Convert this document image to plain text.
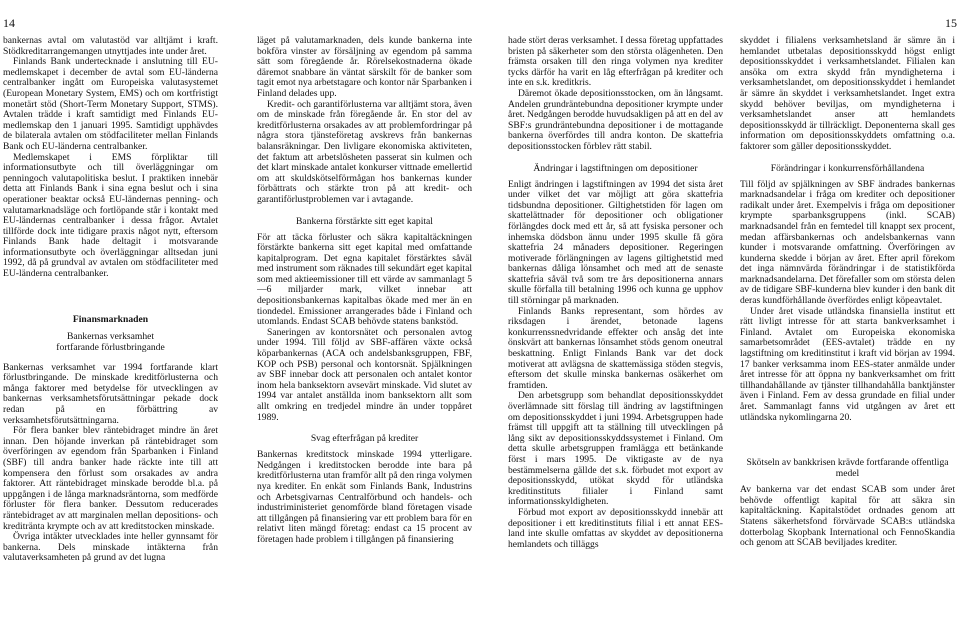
14	15

bankernas avtal om valutastöd var alltjämt i kraft. Stödkreditarrangemangen utnyttjades inte under året.

Finlands Bank undertecknade i anslutning till EU-medlemskapet i december de avtal som EU-länderna centralbanker ingått om Europeiska valutasystemet (European Monetary System, EMS) och om kortfristigt monetärt stöd (Short-Term Monetary Support, STMS). Avtalen trädde i kraft samtidigt med Finlands EU-medlemskap den 1 januari 1995. Samtidigt upphävdes de bilaterala avtalen om stödfaciliteter mellan Finlands Bank och EU-länderna centralbanker.

Medlemskapet i EMS förpliktar till informationsutbyte och till överläggningar om penningoch valutapolitiska beslut. I praktiken innebär detta att Finlands Bank i sina egna beslut och i sina operationer beaktar också EU-ländernas penning- och valutamarknadsläge och fortlöpande står i kontakt med EU-ländernas centralbanker i dessa frågor. Avtalet tillförde dock inte tidigare praxis något nytt, eftersom Finlands Bank hade deltagit i motsvarande informationsutbyte och överläggningar alltsedan juni 1992, då på grundval av avtalen om stödfaciliteter med EU-länderna centralbanker.

Finansmarknaden
Bankernas verksamhet
fortfarande förlustbringande

Bankernas verksamhet var 1994 fortfarande klart förlustbringande. De minskade kreditförlusterna och många faktorer med betydelse för utvecklingen av bankernas verksamhetsförutsättningar pekade dock redan på en förbättring av verksamhetsförutsättningarna.

För flera banker blev räntebidraget mindre än året innan. Den höjande inverkan på räntebidraget som överföringen av egendom från Sparbanken i Finland (SBF) till andra banker hade räckte inte till att kompensera den förlust som orsakades av andra faktorer. Att räntebidraget minskade berodde bl.a. på uppgången i de långa marknadsräntorna, som medförde förluster för flera banker. Dessutom reducerades räntebidraget av att marginalen mellan depositions- och kreditränta krympte och av att kreditstocken minskade.

Övriga intäkter utvecklades inte heller gynnsamt för bankerna. Dels minskade intäkterna från valutaverksamheten på grund av det lugna

läget på valutamarknaden, dels kunde bankerna inte bokföra vinster av försäljning av egendom på samma sätt som föregående år. Rörelsekostnaderna ökade däremot snabbare än väntat särskilt för de banker som tagit emot nya arbetstagare och kontor när Sparbanken i Finland delades upp.

Kredit- och garantiförlusterna var alltjämt stora, även om de minskade från föregående år. En stor del av kreditförlusterna orsakades av att problemfordringar på några stora tjänsteföretag avskrevs från bankernas balansräkningar. Den livligare ekonomiska aktiviteten, det faktum att arbetslösheten passerat sin kulmen och det klart minskade antalet konkurser vittnade emellertid om att skuldskötselförmågan hos bankernas kunder förbättrats och stärkte tron på att kredit- och garantiförlustproblemen var i avtagande.

Bankerna förstärkte sitt eget kapital

För att täcka förluster och säkra kapitaltäckningen förstärkte bankerna sitt eget kapital med omfattande kapitalprogram. Det egna kapitalet förstärktes såväl med instrument som räknades till sekundärt eget kapital som med aktieemissioner till ett värde av sammanlagt 5—6 miljarder mark, vilket innebar att depositionsbankernas kapitalbas ökade med mer än en tiondedel. Emissioner arrangerades både i Finland och utomlands. Endast SCAB behövde statens bankstöd.

Saneringen av kontorsnätet och personalen avtog under 1994. Till följd av SBF-affären växte också köparbankernas (ACA och andelsbanksgruppen, FBF, KOP och PSB) personal och kontorsnät. Spjälkningen av SBF innebar dock att personalen och antalet kontor inom hela banksektorn avsevärt minskade. Vid slutet av 1994 var antalet anställda inom banksektorn allt som allt omkring en tredjedel mindre än under toppåret 1989.

Svag efterfrågan på krediter

Bankernas kreditstock minskade 1994 ytterligare. Nedgången i kreditstocken berodde inte bara på kreditförlusterna utan framför allt på den ringa volymen nya krediter. En enkät som Finlands Bank, Industrins och Arbetsgivarnas Centralförbund och handels- och industriministeriet genomförde bland företagen visade att tillgången på finansiering var ett problem bara för en relativt liten mängd företag: endast ca 15 procent av företagen hade problem i tillgången på finansiering

hade stört deras verksamhet. I dessa företag uppfattades bristen på säkerheter som den största olägenheten. Den främsta orsaken till den ringa volymen nya krediter tycks därför ha varit en låg efterfrågan på krediter och inte en s.k. kreditkris.

Däremot ökade depositionsstocken, om än långsamt. Andelen grundräntebundna depositioner krympte under året. Nedgången berodde huvudsakligen på att en del av SBF:s grundräntebundna depositioner i de mottagande bankerna överfördes till andra konton. De skattefria depositionsstocken förblev rätt stabil.

Ändringar i lagstiftningen om depositioner

Enligt ändringen i lagstiftningen av 1994 det sista året under vilket det var möjligt att göra skattefria tidsbundna depositioner. Giltighetstiden för lagen om skattelättnader för depositioner och obligationer förlängdes dock med ett år, så att fysiska personer och inhemska dödsbon ännu under 1995 skulle få göra skattefria 24 månaders depositioner. Regeringen motiverade förlängningen av lagens giltighetstid med bankernas dåliga lönsamhet och med att de senaste skattefria såväl två som tre års depositionerna annars skulle förfalla till betalning 1996 och kunna ge upphov till störningar på marknaden.

Finlands Banks representant, som hördes av riksdagen i ärendet, betonade lagens konkurrenssnedvridande effekter och ansåg det inte önskvärt att bankernas lönsamhet stöds genom oneutral beskattning. Enligt Finlands Bank var det dock motiverat att avlägsna de skattemässiga stöden stegvis, eftersom det skulle minska bankernas osäkerhet om framtiden.

Den arbetsgrupp som behandlat depositionsskyddet överlämnade sitt förslag till ändring av lagstiftningen om depositionsskyddet i juni 1994. Arbetsgruppen hade främst till uppgift att ta ställning till utvecklingen på lång sikt av depositionsskyddssystemet i Finland. Om detta skulle arbetsgruppen framlägga ett betänkande först i mars 1995. De viktigaste av de nya bestämmelserna gällde det s.k. förbudet mot export av depositionsskydd, utökat skydd för utländska kreditinstituts filialer i Finland samt informationsskyldigheten.

Förbud mot export av depositionsskydd innebär att depositioner i ett kreditinstituts filial i ett annat EES-land inte skulle omfattas av skyddet av depositionerna hemlandets och tilläggs

skyddet i filialens verksamhetsland är sämre än i hemlandet utbetalas depositionsskydd högst enligt depositionsskyddet i verksamhetslandet. Filialen kan ansöka om extra skydd från myndigheterna i verksamhetslandet, om depositionsskyddet i hemlandet är sämre än skyddet i verksamhetslandet. Inget extra skydd behöver beviljas, om myndigheterna i verksamhetslandet anser att hemlandets depositionsskydd är tillräckligt. Deponenterna skall ges information om depositionsskyddets omfattning o.a. faktorer som gäller depositionsskyddet.

Förändringar i konkurrensförhållandena

Till följd av spjälkningen av SBF ändrades bankernas marknadsandelar i fråga om krediter och depositioner radikalt under året. Exempelvis i fråga om depositioner krympte sparbanksgruppens (inkl. SCAB) marknadsandel från en femtedel till knappt sex procent, medan affärsbankernas och andelsbankernas vann kunder i motsvarande omfattning. Överföringen av kunderna skedde i början av året. Efter april förekom det inga nämnvärda förändringar i de statistikförda marknadsandelarna. Det förefaller som om största delen av de tidigare SBF-kunderna blev kunder i den bank dit deras kundförhållande överfördes enligt köpeavtalet.

Under året visade utländska finansiella institut ett rätt livligt intresse för att starta bankverksamhet i Finland. Avtalet om Europeiska ekonomiska samarbetsområdet (EES-avtalet) trädde en ny lagstiftning om kreditinstitut i kraft vid början av 1994. 17 banker verksamma inom EES-stater anmälde under året intresse för att öppna ny bankverksamhet om fritt tillhandahållande av tjänster tillhandahålla banktjänster även i Finland. Fem av dessa grundade en filial under året. Sammanlagt fanns vid utgången av året ett utländska nykomlingarna 20.

Skötseln av bankkrisen krävde fortfarande offentliga medel

Av bankerna var det endast SCAB som under året behövde offentligt kapital för att säkra sin kapitaltäckning. Kapitalstödet ordnades genom att Statens säkerhetsfond förvärvade SCAB:s utländska dotterbolag Skopbank International och FennoSkandia och genom att SCAB beviljades krediter.
